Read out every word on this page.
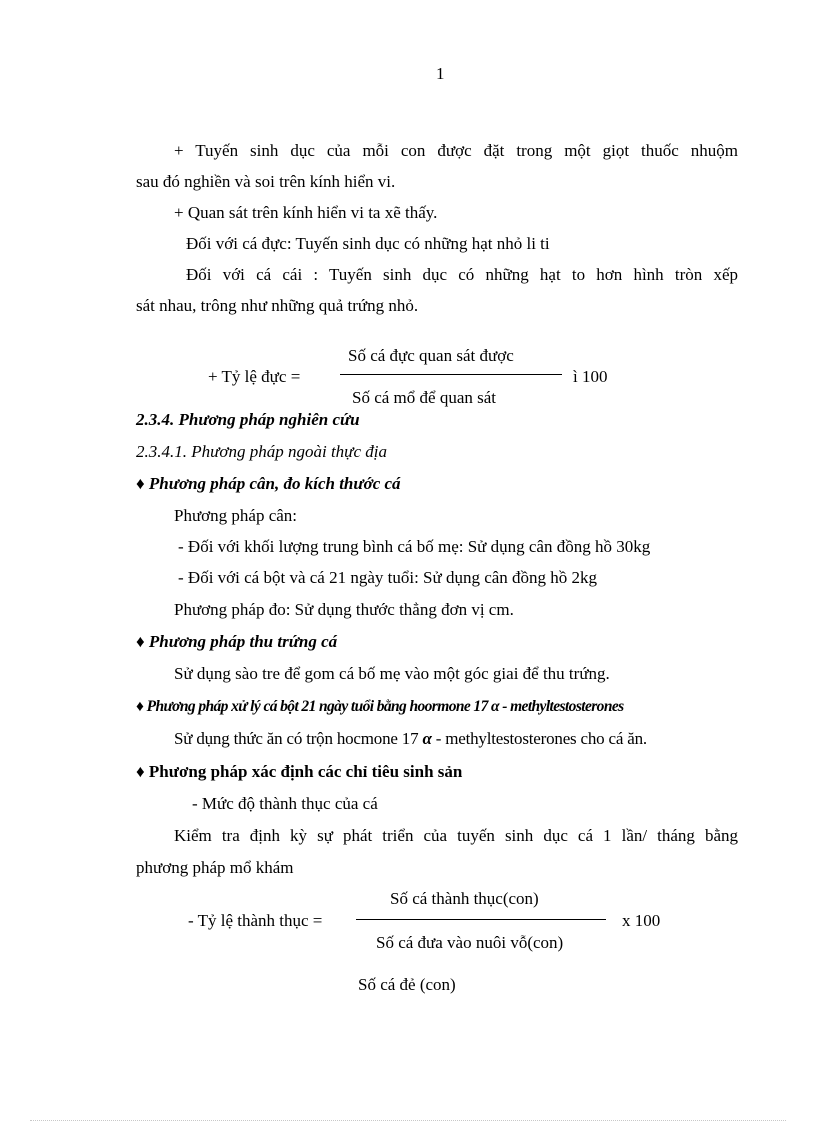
1
+ Tuyến sinh dục của mỗi con được đặt trong một giọt thuốc nhuộm
sau đó nghiền và soi trên kính hiển vi.
+ Quan sát trên kính hiển vi ta xẽ thấy.
Đối với cá đực: Tuyến sinh dục có những hạt nhỏ li ti
Đối với cá cái : Tuyến sinh dục có những hạt to hơn hình tròn xếp
sát nhau, trông như những quả trứng nhỏ.
+ Tỷ lệ đực =
Số cá đực quan sát được
Số cá mổ để quan sát
ì 100
2.3.4. Phương pháp nghiên cứu
2.3.4.1. Phương pháp ngoài thực địa
♦ Phương pháp cân, đo kích thước cá
Phương pháp cân:
- Đối với khối lượng trung bình cá bố mẹ: Sử dụng cân đồng hồ 30kg
- Đối với cá bột và cá 21 ngày tuổi: Sử dụng cân đồng hồ 2kg
Phương pháp đo: Sử dụng thước thẳng đơn vị cm.
♦ Phương pháp thu trứng cá
Sử dụng sào tre để gom cá bố mẹ vào một góc giai để thu trứng.
♦ Phương pháp xử lý cá bột 21 ngày tuổi bằng hoormone 17 α - methyltestosterones
Sử dụng thức ăn có trộn hocmone 17 α - methyltestosterones cho cá ăn.
♦ Phương pháp xác định các chỉ tiêu sinh sản
- Mức độ thành thục của cá
Kiểm tra định kỳ sự phát triển của tuyến sinh dục cá 1 lần/ tháng bằng
phương pháp mổ khám
- Tỷ lệ thành thục =
Số cá thành thục(con)
Số cá đưa vào nuôi vỗ(con)
x 100
Số cá đẻ (con)
